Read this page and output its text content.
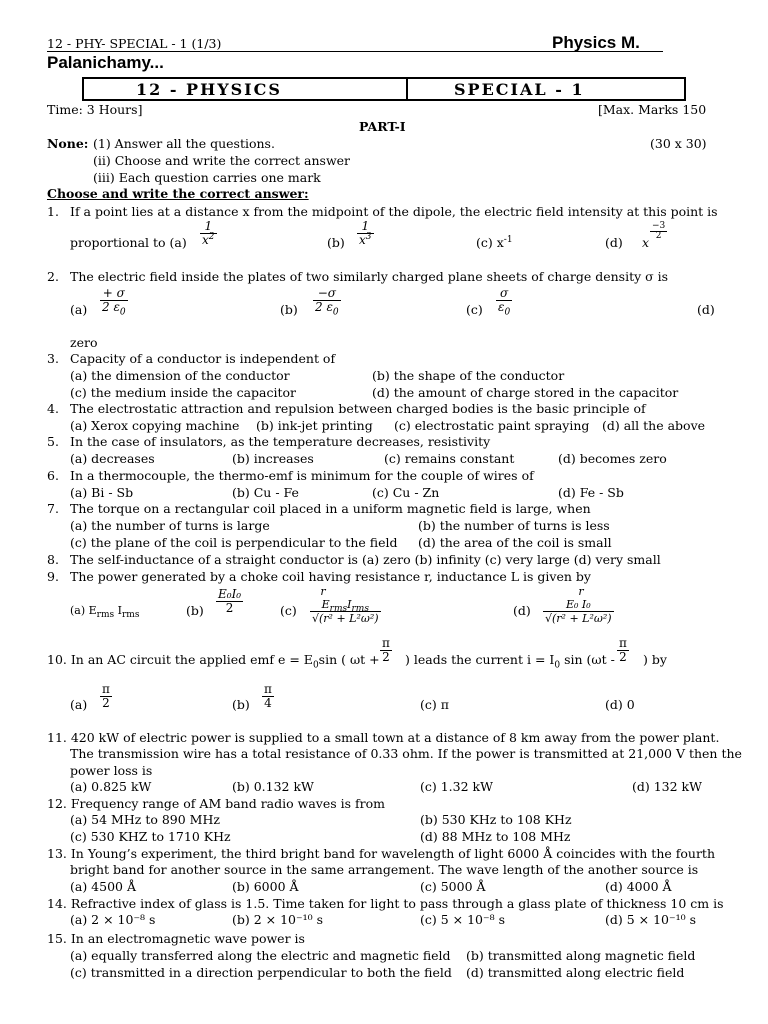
12 - PHY- SPECIAL - 1 (1/3)	Physics M.
Palanichamy...
12 - PHYSICS	SPECIAL - 1
Time: 3 Hours]	[Max. Marks 150
PART-I
None: (1) Answer all the questions.	(30 x 30)
(ii) Choose and write the correct answer
(iii) Each question carries one mark
Choose and write the correct answer:
1. If a point lies at a distance x from the midpoint of the dipole, the electric field intensity at this point is
proportional to $(a) \frac{1}{x^2}$	$(b) \frac{1}{x^3}$	(c) $x^{-1}$	(d) x
$\frac{-3}{2}$
2. The electric field inside the plates of two similarly charged plane sheets of charge density σ is
$(a) \frac{+ \sigma}{2 \varepsilon_0}$	$(b) \frac{-\sigma}{2 \varepsilon_0}$	$(c) \frac{\sigma}{\varepsilon_0}$	(d)
zero
3. Capacity of a conductor is independent of
(a) the dimension of the conductor	(b) the shape of the conductor
(c) the medium inside the capacitor	(d) the amount of charge stored in the capacitor
4. The electrostatic attraction and repulsion between charged bodies is the basic principle of
(a) Xerox copying machine (b) ink-jet printing (c) electrostatic paint spraying (d) all the above
5. In the case of insulators, as the temperature decreases, resistivity
(a) decreases	(b) increases	(c) remains constant	(d) becomes zero
6. In a thermocouple, the thermo-emf is minimum for the couple of wires of
(a) Bi - Sb	(b) Cu - Fe	(c) Cu - Zn	(d) Fe - Sb
7. The torque on a rectangular coil placed in a uniform magnetic field is large, when
(a) the number of turns is large	(b) the number of turns is less
(c) the plane of the coil is perpendicular to the field (d) the area of the coil is small
8. The self-inductance of a straight conductor is (a) zero (b) infinity (c) very large (d) very small
9. The power generated by a choke coil having resistance r, inductance L is given by
(a) $E_{rms}$ $I_{rms}$	$(b) \frac{\text{E₀I₀}}{2}$	(c)
r
$E_{rms}I_{rms}$
√(r² + L²ω²)
(d)
r
E₀ I₀
√(r² + L²ω²)
10. In an AC circuit the applied emf $e = E_0\sin$ ( $\omega t + \frac{\pi}{2}$ ) leads the current $i = I_0$ $\sin (\omega t - \frac{\pi}{2}$ ) by
$(a) \frac{\pi}{2}$	$(b) \frac{\pi}{4}$	(c) π	(d) 0
11. 420 kW of electric power is supplied to a small town at a distance of 8 km away from the power plant.
The transmission wire has a total resistance of 0.33 ohm. If the power is transmitted at 21,000 V then the
power loss is
(a) 0.825 kW	(b) 0.132 kW	(c) 1.32 kW	(d) 132 kW
12. Frequency range of AM band radio waves is from
(a) 54 MHz to 890 MHz	(b) 530 KHz to 108 KHz
(c) 530 KHZ to 1710 KHz	(d) 88 MHz to 108 MHz
13. In Young’s experiment, the third bright band for wavelength of light 6000 Å coincides with the fourth
bright band for another source in the same arrangement. The wave length of the another source is
(a) 4500 Å	(b) 6000 Å	(c) 5000 Å	(d) 4000 Å
14. Refractive index of glass is 1.5. Time taken for light to pass through a glass plate of thickness 10 cm is
(a) 2 × 10⁻⁸ s	(b) 2 × 10⁻¹⁰ s	(c) 5 × 10⁻⁸ s	(d) 5 × 10⁻¹⁰ s
15. In an electromagnetic wave power is
(a) equally transferred along the electric and magnetic field (b) transmitted along magnetic field
(c) transmitted in a direction perpendicular to both the field (d) transmitted along electric field
